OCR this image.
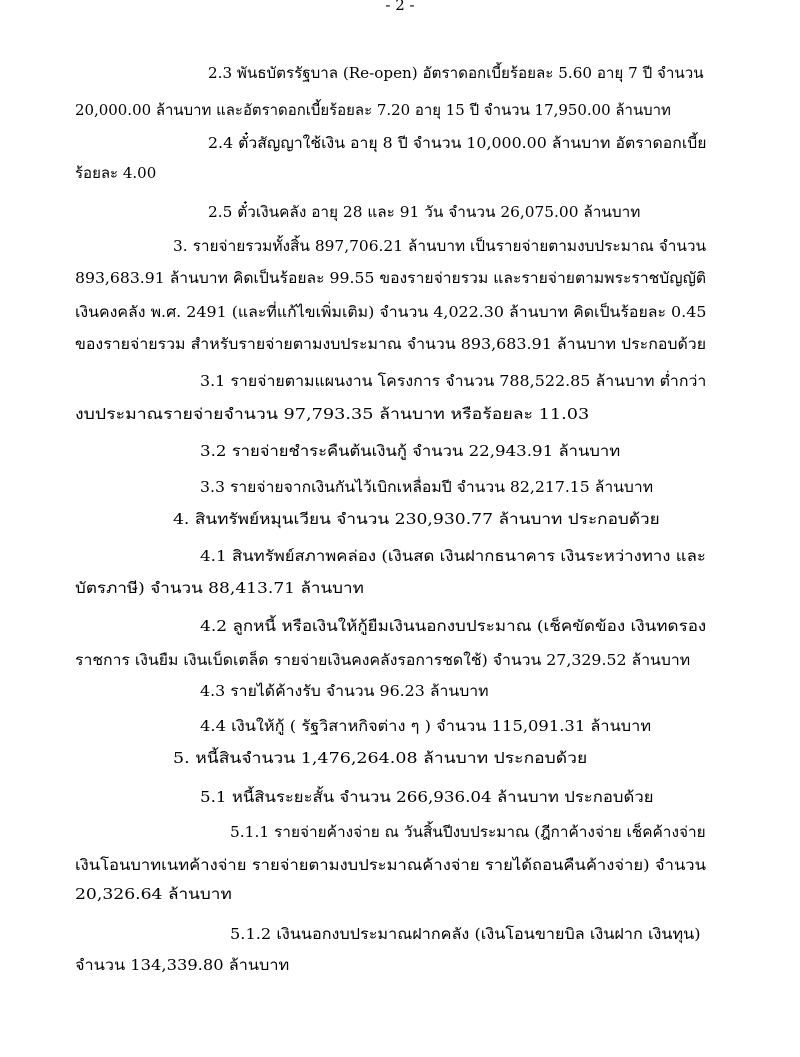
- 2 -
2.3 พันธบัตรรัฐบาล (Re-open) อัตราดอกเบี้ยร้อยละ 5.60 อายุ 7 ปี จำนวน
20,000.00 ล้านบาท และอัตราดอกเบี้ยร้อยละ 7.20 อายุ 15 ปี จำนวน 17,950.00 ล้านบาท
2.4 ตั๋วสัญญาใช้เงิน อายุ 8 ปี จำนวน 10,000.00 ล้านบาท อัตราดอกเบี้ย
ร้อยละ 4.00
2.5 ตั๋วเงินคลัง อายุ 28 และ 91 วัน จำนวน 26,075.00 ล้านบาท
3. รายจ่ายรวมทั้งสิ้น 897,706.21 ล้านบาท เป็นรายจ่ายตามงบประมาณ จำนวน
893,683.91 ล้านบาท คิดเป็นร้อยละ 99.55 ของรายจ่ายรวม และรายจ่ายตามพระราชบัญญัติ
เงินคงคลัง พ.ศ. 2491 (และที่แก้ไขเพิ่มเติม) จำนวน 4,022.30 ล้านบาท คิดเป็นร้อยละ 0.45
ของรายจ่ายรวม สำหรับรายจ่ายตามงบประมาณ จำนวน 893,683.91 ล้านบาท ประกอบด้วย
3.1 รายจ่ายตามแผนงาน โครงการ จำนวน 788,522.85 ล้านบาท ต่ำกว่า
งบประมาณรายจ่ายจำนวน 97,793.35 ล้านบาท หรือร้อยละ 11.03
3.2 รายจ่ายชำระคืนต้นเงินกู้ จำนวน 22,943.91 ล้านบาท
3.3 รายจ่ายจากเงินกันไว้เบิกเหลื่อมปี จำนวน 82,217.15 ล้านบาท
4. สินทรัพย์หมุนเวียน จำนวน 230,930.77 ล้านบาท ประกอบด้วย
4.1 สินทรัพย์สภาพคล่อง (เงินสด เงินฝากธนาคาร เงินระหว่างทาง และ
บัตรภาษี) จำนวน 88,413.71 ล้านบาท
4.2 ลูกหนี้ หรือเงินให้กู้ยืมเงินนอกงบประมาณ (เช็คขัดข้อง เงินทดรอง
ราชการ เงินยืม เงินเบ็ดเตล็ด รายจ่ายเงินคงคลังรอการชดใช้) จำนวน 27,329.52 ล้านบาท
4.3 รายได้ค้างรับ จำนวน 96.23 ล้านบาท
4.4 เงินให้กู้ ( รัฐวิสาหกิจต่าง ๆ ) จำนวน 115,091.31 ล้านบาท
5. หนี้สินจำนวน 1,476,264.08 ล้านบาท ประกอบด้วย
5.1 หนี้สินระยะสั้น จำนวน 266,936.04 ล้านบาท ประกอบด้วย
5.1.1 รายจ่ายค้างจ่าย ณ วันสิ้นปีงบประมาณ (ฎีกาค้างจ่าย เช็คค้างจ่าย
เงินโอนบาทเนทค้างจ่าย รายจ่ายตามงบประมาณค้างจ่าย รายได้ถอนคืนค้างจ่าย) จำนวน
20,326.64 ล้านบาท
5.1.2 เงินนอกงบประมาณฝากคลัง (เงินโอนขายบิล เงินฝาก เงินทุน)
จำนวน 134,339.80 ล้านบาท
